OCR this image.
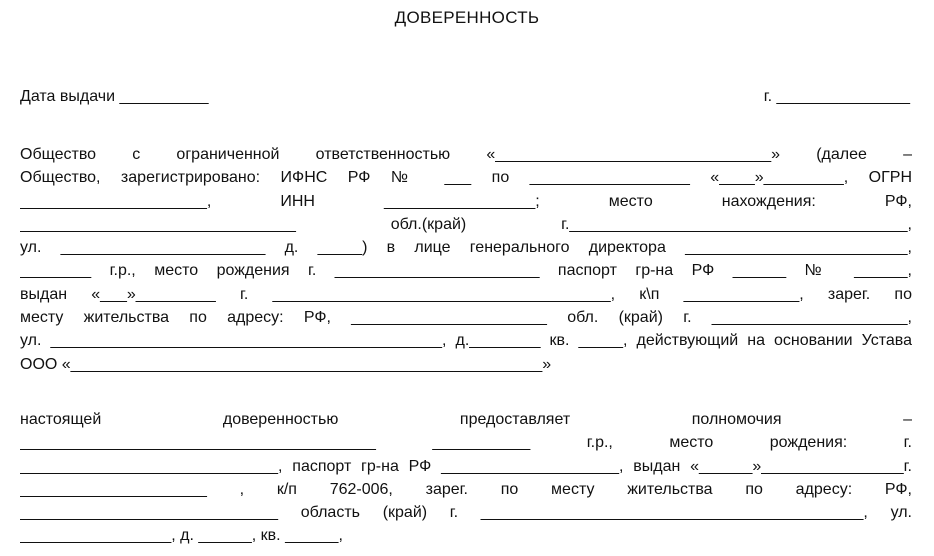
ДОВЕРЕННОСТЬ
Дата выдачи __________	г. _______________
Общество с ограниченной ответственностью «_______________________________» (далее –
Общество, зарегистрировано: ИФНС РФ № ___ по __________________ «____»_________, ОГРН
_____________________, ИНН _________________; место нахождения: РФ,
_______________________________ обл.(край) г.______________________________________,
ул. _______________________ д. _____) в лице генерального директора _________________________,
________ г.р., место рождения г. _______________________ паспорт гр-на РФ ______ № ______,
выдан «___»_________ г. ______________________________________, к\п _____________, зарег. по
месту жительства по адресу: РФ, ______________________ обл. (край) г. ______________________,
ул. ____________________________________________, д.________ кв. _____, действующий на основании Устава
ООО «_____________________________________________________»
настоящей доверенностью предоставляет полномочия –
________________________________________ ___________ г.р., место рождения: г.
_____________________________, паспорт гр-на РФ ____________________, выдан «______»________________г.
_____________________ , к/п 762-006, зарег. по месту жительства по адресу: РФ,
_____________________________ область (край) г. ___________________________________________, ул.
_________________, д. ______, кв. ______,
